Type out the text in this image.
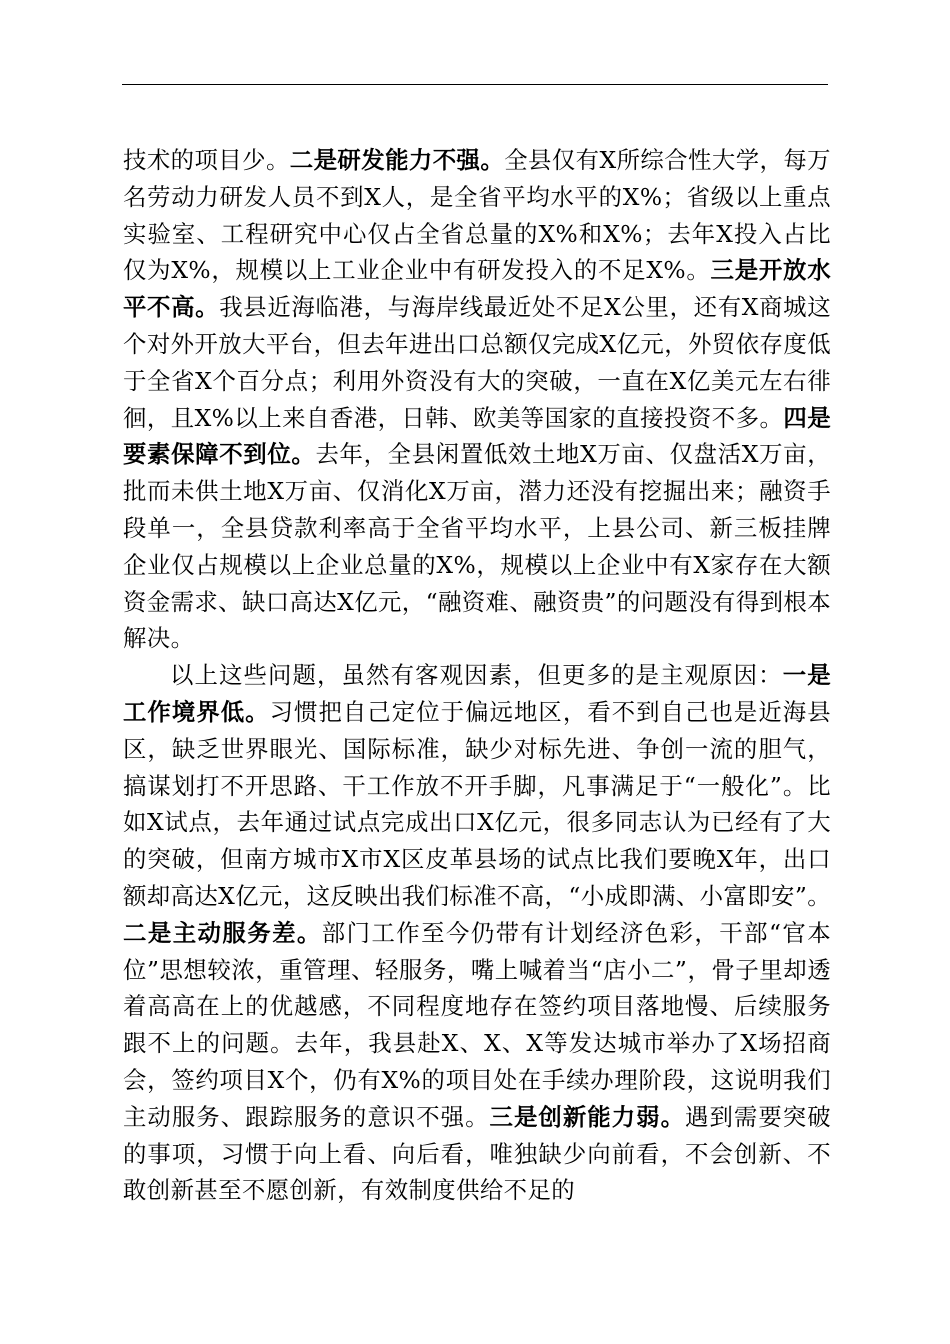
技术的项目少。二是研发能力不强。全县仅有X所综合性大学，每万名劳动力研发人员不到X人，是全省平均水平的X%；省级以上重点实验室、工程研究中心仅占全省总量的X%和X%；去年X投入占比仅为X%，规模以上工业企业中有研发投入的不足X%。三是开放水平不高。我县近海临港，与海岸线最近处不足X公里，还有X商城这个对外开放大平台，但去年进出口总额仅完成X亿元，外贸依存度低于全省X个百分点；利用外资没有大的突破，一直在X亿美元左右徘徊，且X%以上来自香港，日韩、欧美等国家的直接投资不多。四是要素保障不到位。去年，全县闲置低效土地X万亩、仅盘活X万亩，批而未供土地X万亩、仅消化X万亩，潜力还没有挖掘出来；融资手段单一，全县贷款利率高于全省平均水平，上县公司、新三板挂牌企业仅占规模以上企业总量的X%，规模以上企业中有X家存在大额资金需求、缺口高达X亿元，“融资难、融资贵”的问题没有得到根本解决。

以上这些问题，虽然有客观因素，但更多的是主观原因：一是工作境界低。习惯把自己定位于偏远地区，看不到自己也是近海县区，缺乏世界眼光、国际标准，缺少对标先进、争创一流的胆气，搞谋划打不开思路、干工作放不开手脚，凡事满足于“一般化”。比如X试点，去年通过试点完成出口X亿元，很多同志认为已经有了大的突破，但南方城市X市X区皮革县场的试点比我们要晚X年，出口额却高达X亿元，这反映出我们标准不高，“小成即满、小富即安”。二是主动服务差。部门工作至今仍带有计划经济色彩，干部“官本位”思想较浓，重管理、轻服务，嘴上喊着当“店小二”，骨子里却透着高高在上的优越感，不同程度地存在签约项目落地慢、后续服务跟不上的问题。去年，我县赴X、X、X等发达城市举办了X场招商会，签约项目X个，仍有X%的项目处在手续办理阶段，这说明我们主动服务、跟踪服务的意识不强。三是创新能力弱。遇到需要突破的事项，习惯于向上看、向后看，唯独缺少向前看，不会创新、不敢创新甚至不愿创新，有效制度供给不足的
